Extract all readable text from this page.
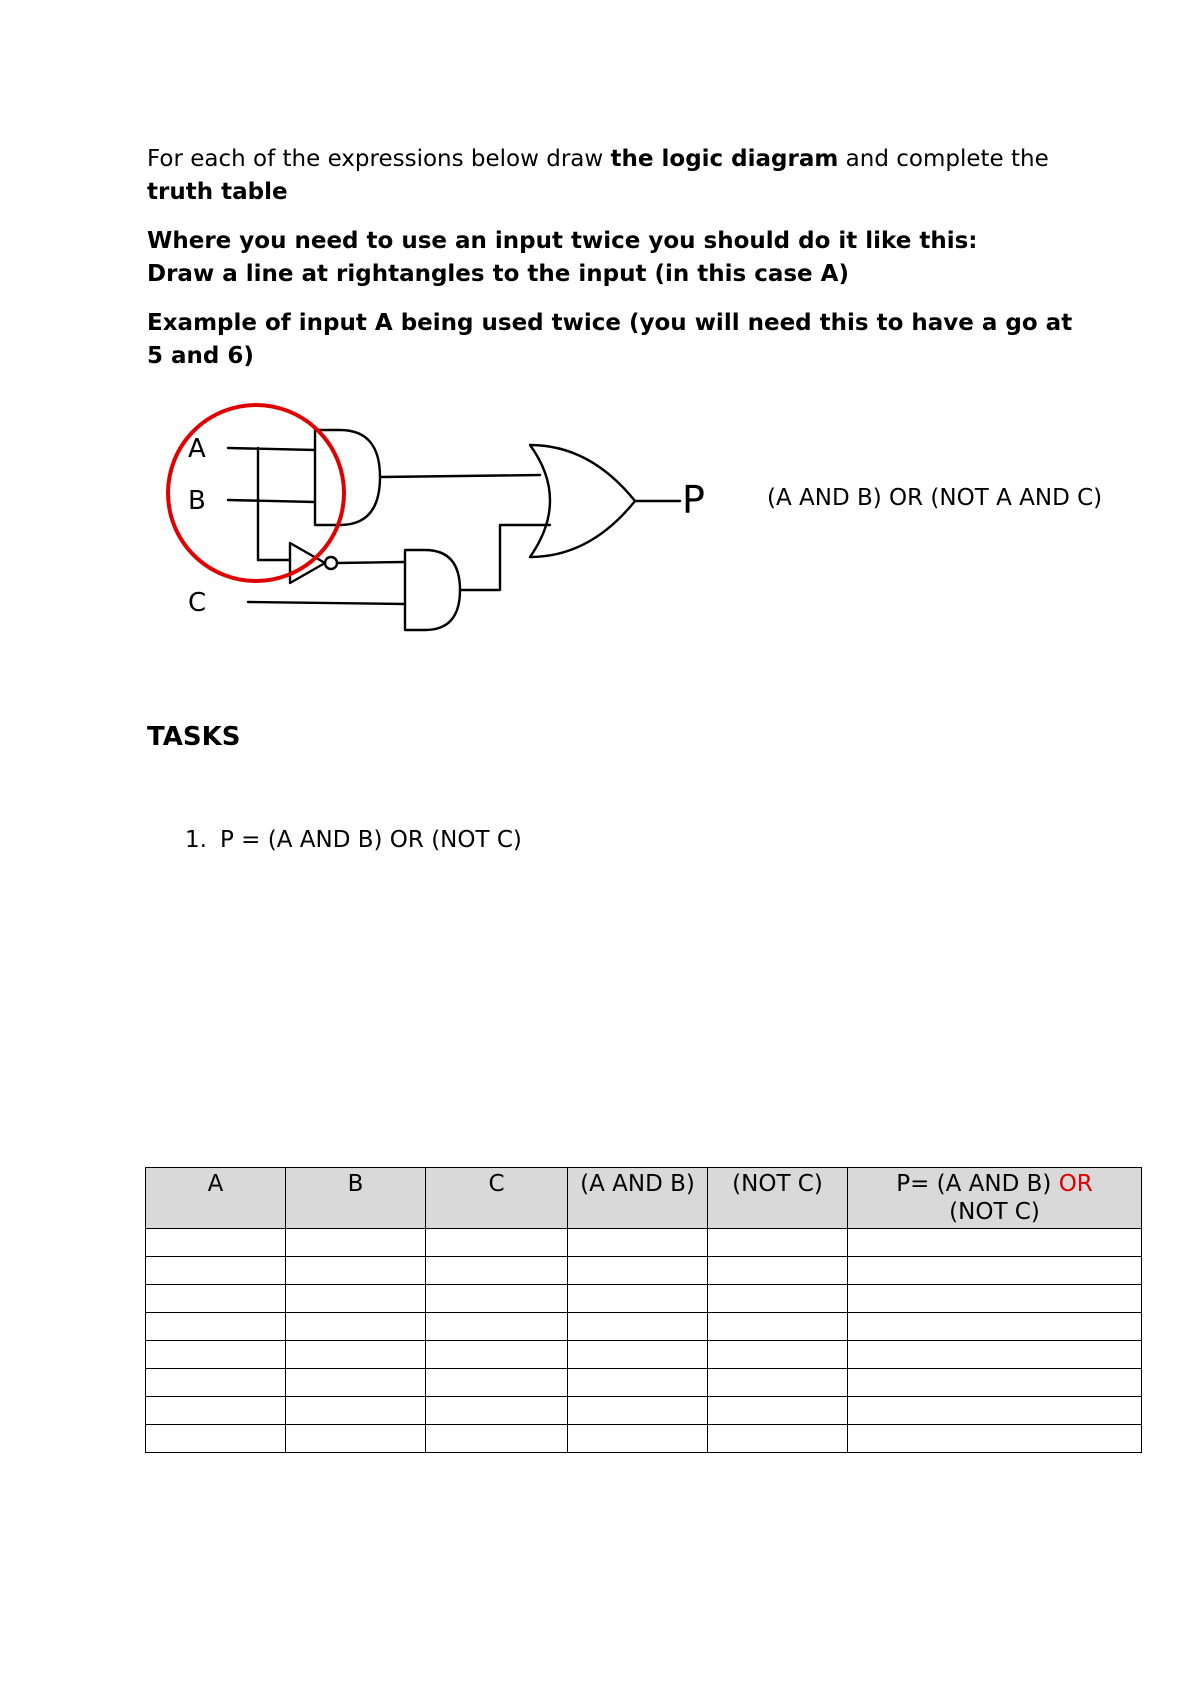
For each of the expressions below draw the logic diagram and complete the truth table

Where you need to use an input twice you should do it like this:
Draw a line at rightangles to the input (in this case A)

Example of input A being used twice (you will need this to have a go at 5 and 6)

A
B
C
P	(A AND B) OR (NOT A AND C)

TASKS

1. P = (A AND B) OR (NOT C)

A	B	C	(A AND B)	(NOT C)	P= (A AND B) OR
(NOT C)
